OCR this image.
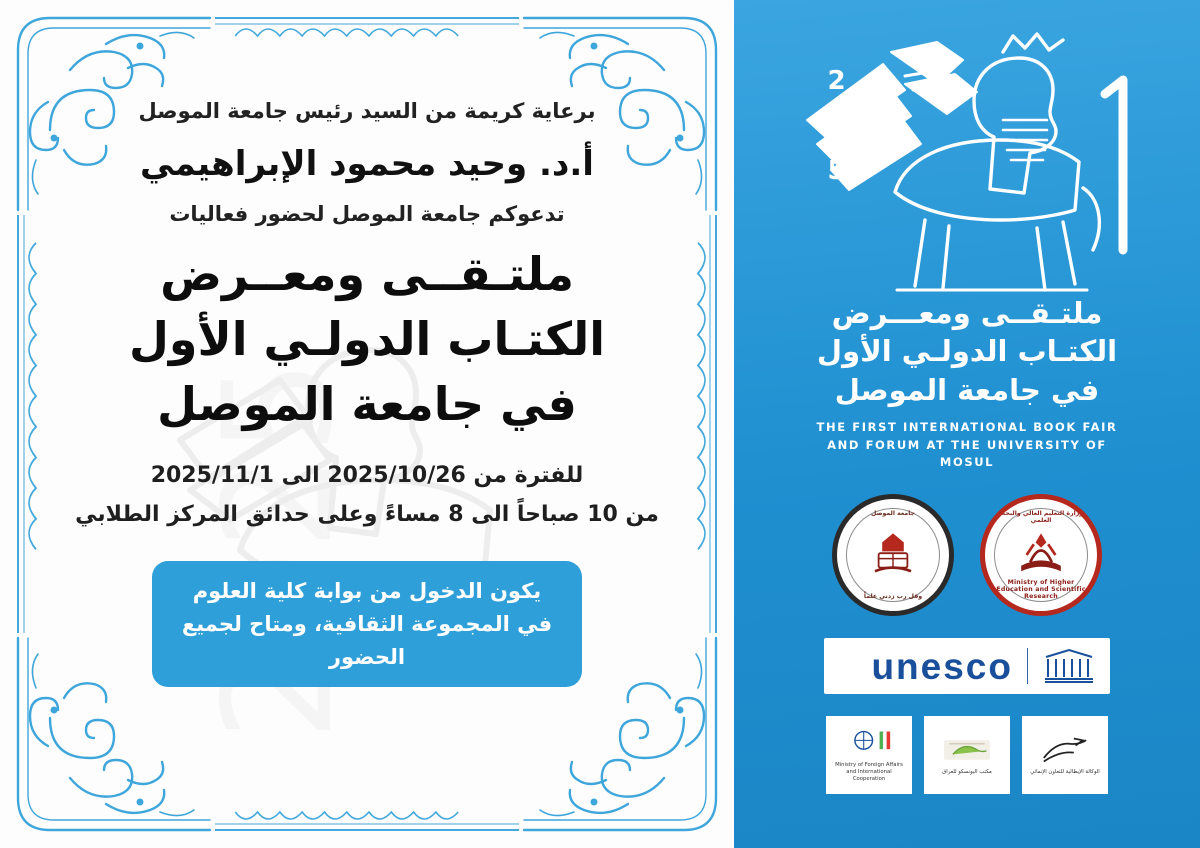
2025
ملتـقــى ومعـــرض
الكتـاب الدولـي الأول
في جامعة الموصل
THE FIRST INTERNATIONAL BOOK FAIR
AND FORUM AT THE UNIVERSITY OF MOSUL
وزارة التعليم العالي والبحث العلمي
Ministry of Higher Education and Scientific Research
جامعة الموصل
وقل رب زدني علماً
unesco
الوكالة الإيطالية للتعاون الإنمائي
مكتب اليونسكو للعراق
Ministry of Foreign Affairs and International Cooperation
برعاية كريمة من السيد رئيس جامعة الموصل
أ.د. وحيد محمود الإبراهيمي
تدعوكم جامعة الموصل لحضور فعاليات
ملتـقــى ومعــرض
الكتـاب الدولـي الأول
في جامعة الموصل
للفترة من 2025/10/26 الى 2025/11/1
من 10 صباحاً الى 8 مساءً وعلى حدائق المركز الطلابي
يكون الدخول من بوابة كلية العلوم في المجموعة الثقافية، ومتاح لجميع الحضور
